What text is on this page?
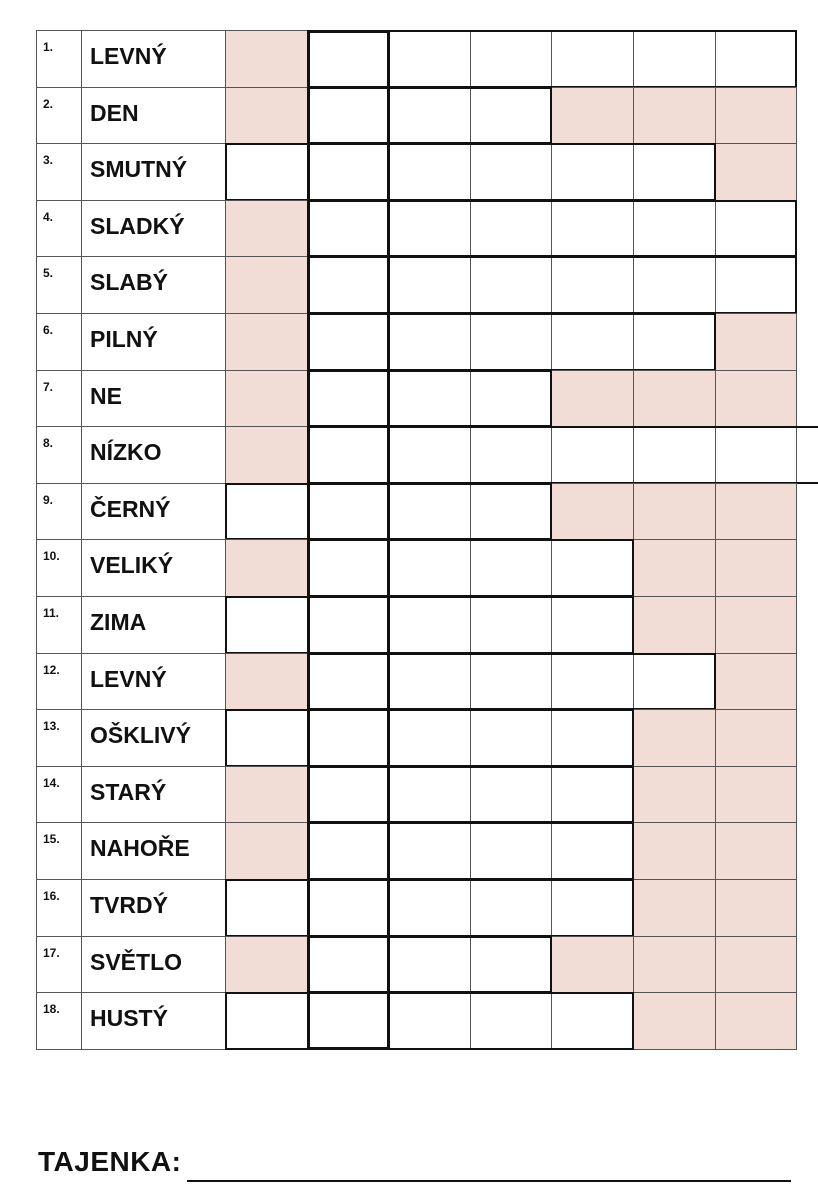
1.	LEVNÝ
2.	DEN
3.	SMUTNÝ
4.	SLADKÝ
5.	SLABÝ
6.	PILNÝ
7.	NE
8.	NÍZKO
9.	ČERNÝ
10.	VELIKÝ
11.	ZIMA
12.	LEVNÝ
13.	OŠKLIVÝ
14.	STARÝ
15.	NAHOŘE
16.	TVRDÝ
17.	SVĚTLO
18.	HUSTÝ
TAJENKA:
